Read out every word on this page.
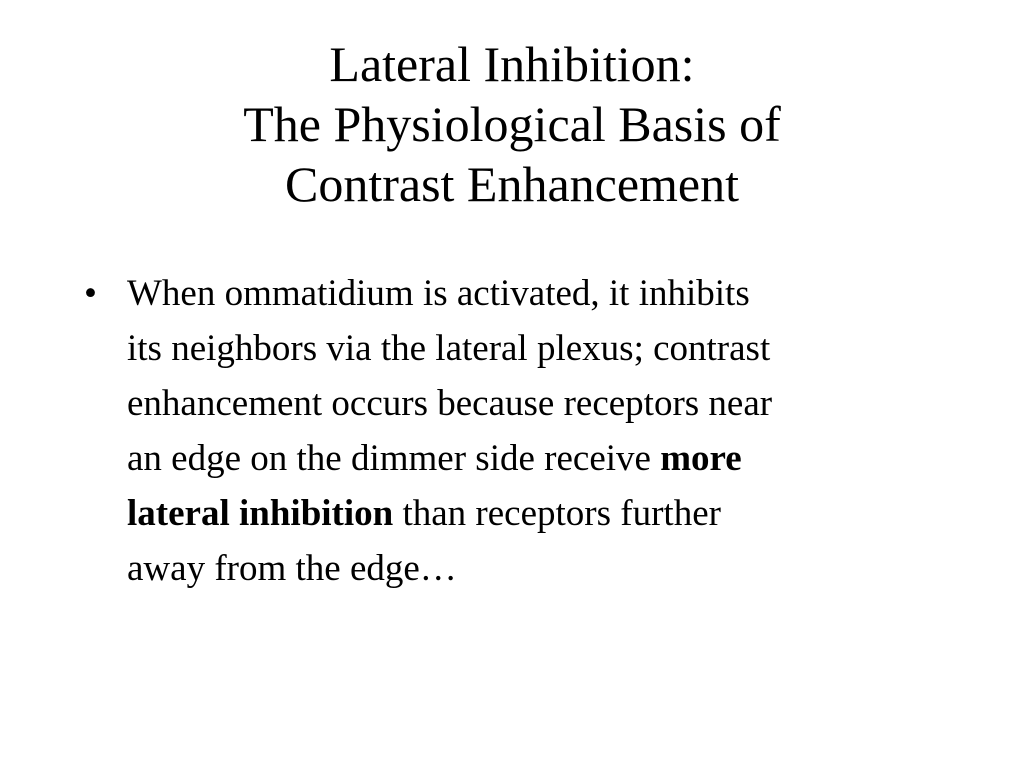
Lateral Inhibition:
The Physiological Basis of
Contrast Enhancement
• When ommatidium is activated, it inhibits
its neighbors via the lateral plexus; contrast
enhancement occurs because receptors near
an edge on the dimmer side receive more
lateral inhibition than receptors further
away from the edge…
